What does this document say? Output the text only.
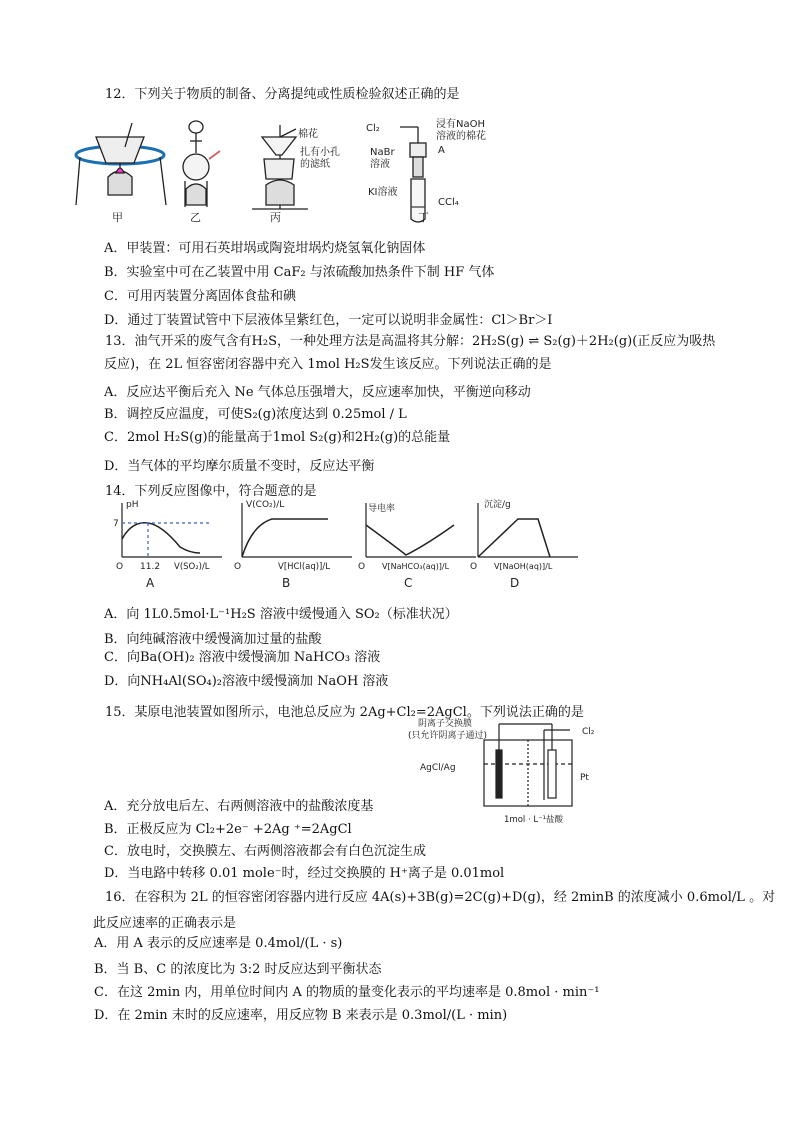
12．下列关于物质的制备、分离提纯或性质检验叙述正确的是
甲	乙	丙	丁
棉花
扎有小孔
的滤纸
Cl₂	浸有NaOH
溶液的棉花
NaBr
溶液
A
KI溶液
CCl₄
A．甲装置：可用石英坩埚或陶瓷坩埚灼烧氢氧化钠固体
B．实验室中可在乙装置中用 CaF₂ 与浓硫酸加热条件下制 HF 气体
C．可用丙装置分离固体食盐和碘
D．通过丁装置试管中下层液体呈紫红色，一定可以说明非金属性：Cl＞Br＞I
13．油气开采的废气含有H₂S，一种处理方法是高温将其分解：2H₂S(g) ⇌ S₂(g)＋2H₂(g)(正反应为吸热
反应)，在 2L 恒容密闭容器中充入 1mol H₂S发生该反应。下列说法正确的是
A．反应达平衡后充入 Ne 气体总压强增大，反应速率加快，平衡逆向移动
B．调控反应温度，可使S₂(g)浓度达到 0.25mol / L
C．2mol H₂S(g)的能量高于1mol S₂(g)和2H₂(g)的总能量
D．当气体的平均摩尔质量不变时，反应达平衡
14．下列反应图像中，符合题意的是
pH
7
11.2
O	V(SO₂)/L
A
V(CO₂)/L
O	V[HCl(aq)]/L
B
导电率
O V[NaHCO₃(aq)]/L
C
沉淀/g
O V[NaOH(aq)]/L
D
A．向 1L0.5mol·L⁻¹H₂S 溶液中缓慢通入 SO₂（标准状况）
B．向纯碱溶液中缓慢滴加过量的盐酸
C．向Ba(OH)₂ 溶液中缓慢滴加 NaHCO₃ 溶液
D．向NH₄Al(SO₄)₂溶液中缓慢滴加 NaOH 溶液
15．某原电池装置如图所示，电池总反应为 2Ag+Cl₂=2AgCl。下列说法正确的是
阴离子交换膜
(只允许阴离子通过)
AgCl/Ag
Cl₂
Pt
1mol · L⁻¹盐酸
A．充分放电后左、右两侧溶液中的盐酸浓度基
B．正极反应为 Cl₂+2e⁻ +2Ag ⁺=2AgCl
C．放电时，交换膜左、右两侧溶液都会有白色沉淀生成
D．当电路中转移 0.01 mole⁻时，经过交换膜的 H⁺离子是 0.01mol
16．在容积为 2L 的恒容密闭容器内进行反应 4A(s)+3B(g)=2C(g)+D(g)，经 2minB 的浓度减小 0.6mol/L 。对
此反应速率的正确表示是
A．用 A 表示的反应速率是 0.4mol/(L · s)
B．当 B、C 的浓度比为 3:2 时反应达到平衡状态
C．在这 2min 内，用单位时间内 A 的物质的量变化表示的平均速率是 0.8mol · min⁻¹
D．在 2min 末时的反应速率，用反应物 B 来表示是 0.3mol/(L · min)
